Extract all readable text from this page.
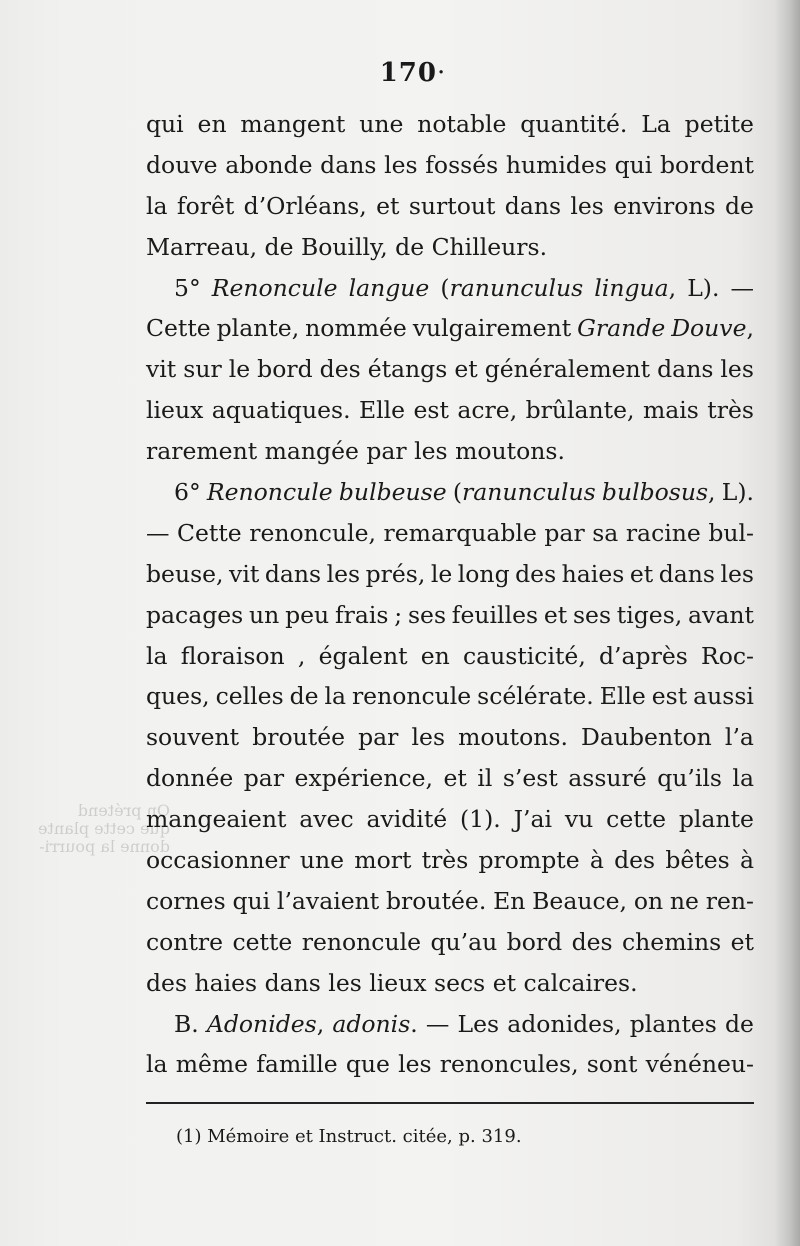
On prétend
que cette plante
donne la pourri-
170·
qui en mangent une notable quantité. La petite
douve abonde dans les fossés humides qui bordent
la forêt d’Orléans, et surtout dans les environs de
Marreau, de Bouilly, de Chilleurs.
5° Renoncule langue (ranunculus lingua, L). —
Cette plante, nommée vulgairement Grande Douve,
vit sur le bord des étangs et généralement dans les
lieux aquatiques. Elle est acre, brûlante, mais très
rarement mangée par les moutons.
6° Renoncule bulbeuse (ranunculus bulbosus, L).
— Cette renoncule, remarquable par sa racine bul-
beuse, vit dans les prés, le long des haies et dans les
pacages un peu frais ; ses feuilles et ses tiges, avant
la floraison , égalent en causticité, d’après Roc-
ques, celles de la renoncule scélérate. Elle est aussi
souvent broutée par les moutons. Daubenton l’a
donnée par expérience, et il s’est assuré qu’ils la
mangeaient avec avidité (1). J’ai vu cette plante
occasionner une mort très prompte à des bêtes à
cornes qui l’avaient broutée. En Beauce, on ne ren-
contre cette renoncule qu’au bord des chemins et
des haies dans les lieux secs et calcaires.
B. Adonides, adonis. — Les adonides, plantes de
la même famille que les renoncules, sont vénéneu-
(1) Mémoire et Instruct. citée, p. 319.
